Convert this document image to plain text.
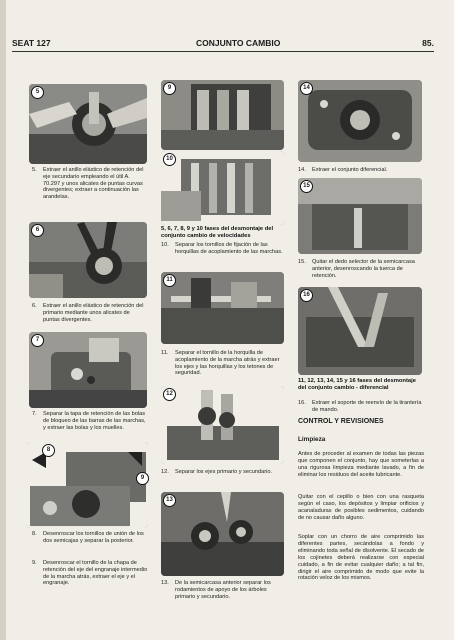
SEAT 127	CONJUNTO CAMBIO	85.
5
5. Extraer el anillo elástico de retención del eje secundario empleando el útil A. 70.297 y unos alicates de puntas curvas divergentes; extraer a continuación las arandelas.
6
6. Extraer el anillo elástico de retención del primario mediante unos alicates de puntas divergentes.
7
7. Separar la tapa de retención de las bolas de bloqueo de las barras de las marchas, y extraer las bolas y los muelles.
8
9
8. Desenroscar los tornillos de unión de los dos semicajas y separar la posterior.
9. Desenroscar el tornillo de la chapa de retención del eje del engranaje intermedio de la marcha atrás, extraer el eje y el engranaje.
9
10
5, 6, 7, 8, 9 y 10 fases del desmontaje del conjunto cambio de velocidades
10. Separar los tornillos de fijación de las horquillas de acoplamiento de las marchas.
11
11. Separar el tornillo de la horquilla de acoplamiento de la marcha atrás y extraer los ejes y las horquillas y los tetones de seguridad.
12
12. Separar los ejes primario y secundario.
13
13. De la semicarcasa anterior separar los rodamientos de apoyo de los árboles primario y secundario.
14
14. Extraer el conjunto diferencial.
15
15. Quitar el dedo selector de la semicarcasa anterior, desenroscando la tuerca de retención.
16
11, 12, 13, 14, 15 y 16 fases del desmontaje del conjunto cambio - diferencial
16. Extraer el soporte de reenvío de la tirantería de mando.
CONTROL Y REVISIONES
Limpieza
Antes de proceder al examen de todas las piezas que componen el conjunto, hay que someterlas a una rigurosa limpieza mediante lavado, a fin de eliminar los residuos del aceite lubricante.
Quitar con el cepillo o bien con una rasqueta según el caso, los depósitos y limpiar orificios y acanaladuras de posibles sedimentos, cuidando de no causar daño alguno.
Soplar con un chorro de aire comprimido las diferentes partes, secándolas a fondo y eliminando toda señal de disolvente. El secado de los cojinetes deberá realizarse con especial cuidado, a fin de evitar cualquier daño; a tal fin, dirigir el aire comprimido de modo que evite la rotación veloz de los mismos.
